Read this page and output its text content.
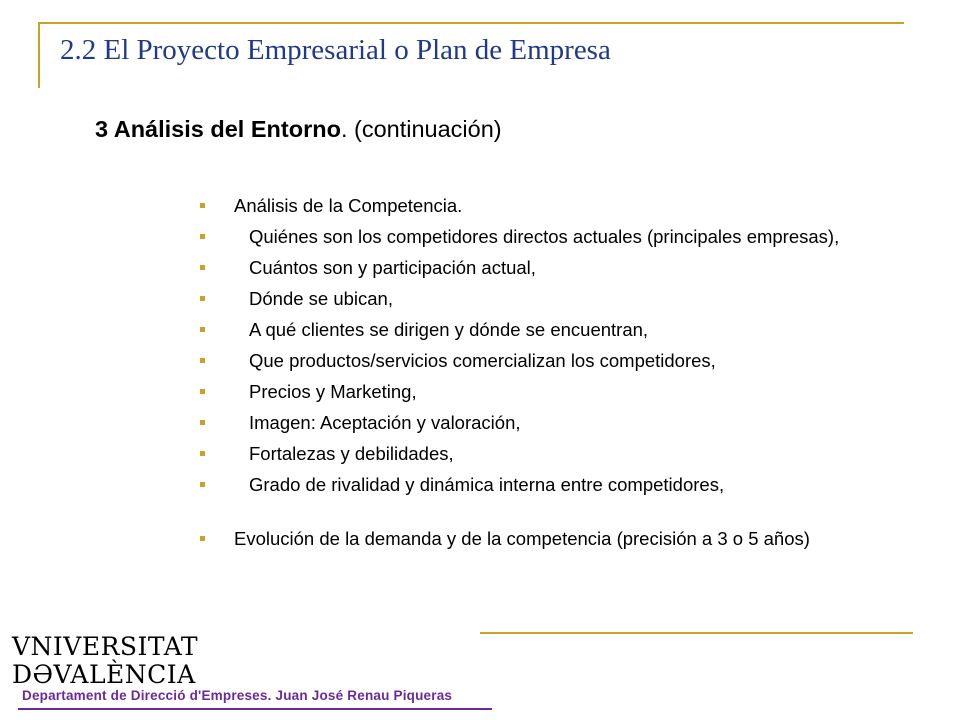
2.2 El Proyecto Empresarial o Plan de Empresa
3 Análisis del Entorno. (continuación)
Análisis de la Competencia.
Quiénes son los competidores directos actuales (principales empresas),
Cuántos son y participación actual,
Dónde se ubican,
A qué clientes se dirigen y dónde se encuentran,
Que productos/servicios comercializan los competidores,
Precios y Marketing,
Imagen: Aceptación y valoración,
Fortalezas y debilidades,
Grado de rivalidad y dinámica interna entre competidores,
Evolución de la demanda y de la competencia (precisión a 3 o 5 años)
VNIVERSITAT
DƏVALÈNCIA
Departament de Direcció d'Empreses. Juan José Renau Piqueras
